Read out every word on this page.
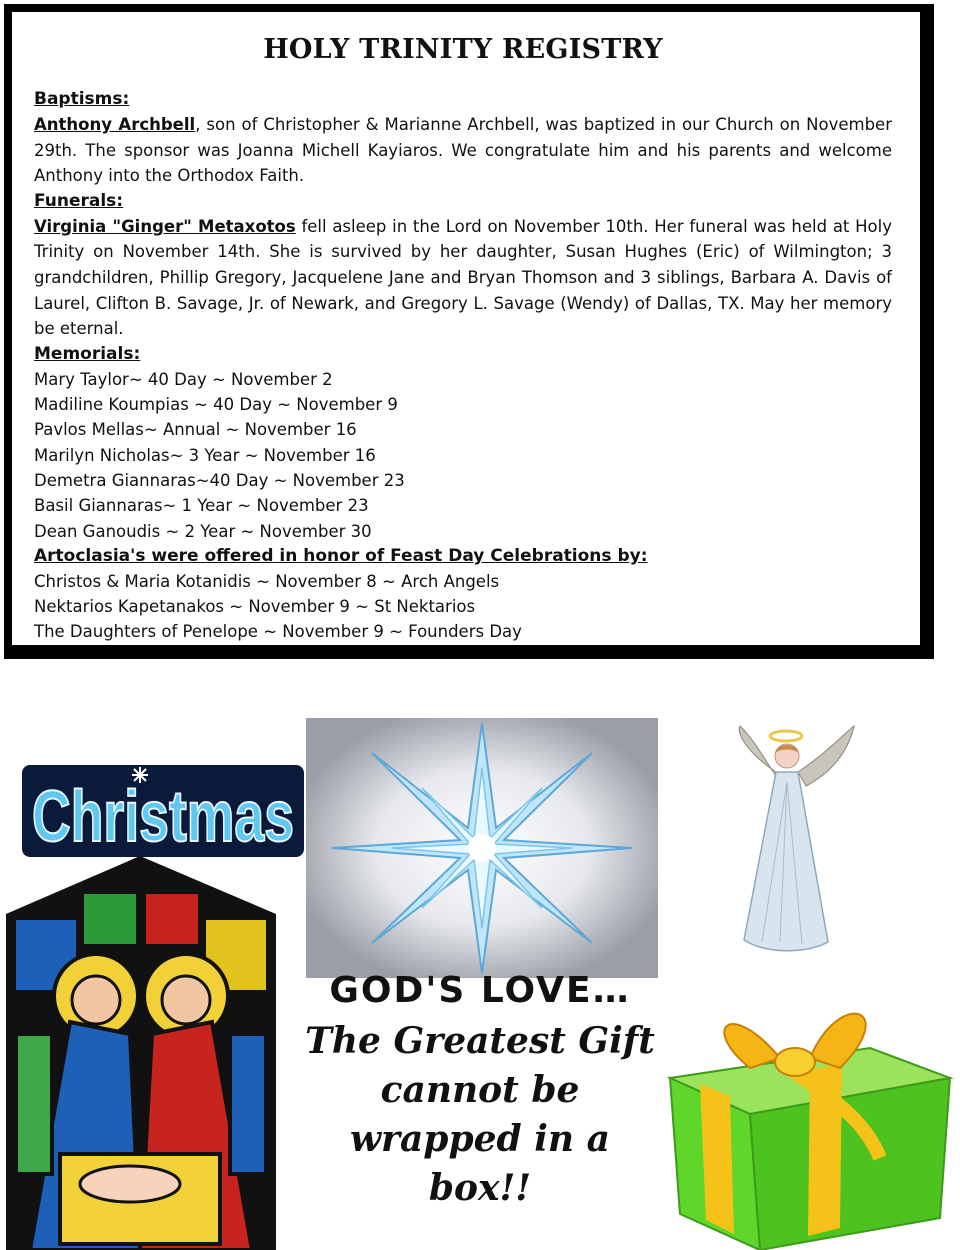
HOLY TRINITY REGISTRY

Baptisms:

Anthony Archbell, son of Christopher & Marianne Archbell, was baptized in our Church on November 29th. The sponsor was Joanna Michell Kayiaros. We congratulate him and his parents and welcome Anthony into the Orthodox Faith.

Funerals:

Virginia "Ginger" Metaxotos fell asleep in the Lord on November 10th. Her funeral was held at Holy Trinity on November 14th. She is survived by her daughter, Susan Hughes (Eric) of Wilmington; 3 grandchildren, Phillip Gregory, Jacquelene Jane and Bryan Thomson and 3 siblings, Barbara A. Davis of Laurel, Clifton B. Savage, Jr. of Newark, and Gregory L. Savage (Wendy) of Dallas, TX. May her memory be eternal.

Memorials:

Mary Taylor~ 40 Day ~ November 2

Madiline Koumpias ~ 40 Day ~ November 9

Pavlos Mellas~ Annual ~ November 16

Marilyn Nicholas~ 3 Year ~ November 16

Demetra Giannaras~40 Day ~ November 23

Basil Giannaras~ 1 Year ~ November 23

Dean Ganoudis ~ 2 Year ~ November 30

Artoclasia's were offered in honor of Feast Day Celebrations by:

Christos & Maria Kotanidis ~ November 8 ~ Arch Angels

Nektarios Kapetanakos ~ November 9 ~ St Nektarios

The Daughters of Penelope ~ November 9 ~ Founders Day

Christmas
GOD'S LOVE…
The Greatest Gift
cannot be
wrapped in a box!!
